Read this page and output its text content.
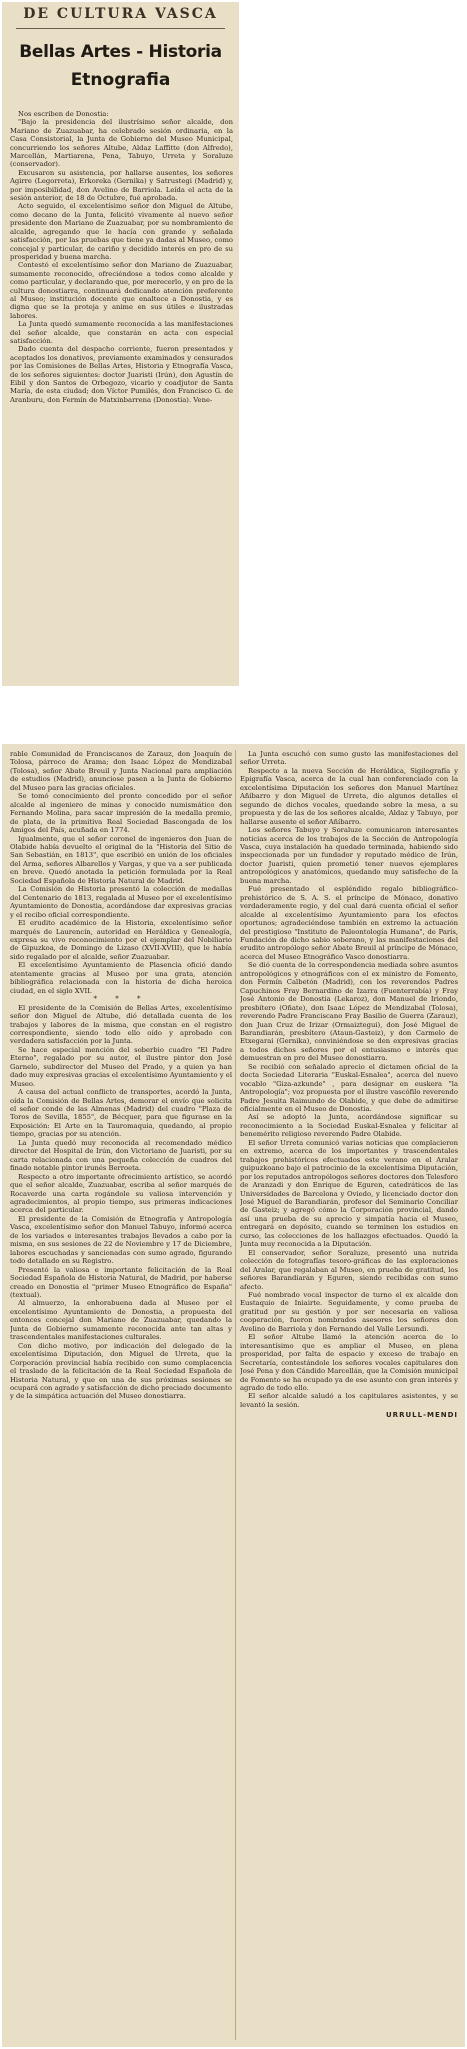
DE CULTURA VASCA
Bellas Artes - Historia
Etnografia

Nos escriben de Donostia:

"Bajo la presidencia del ilustrísimo señor alcalde, don Mariano de Zuazuabar, ha celebrado sesión ordinaria, en la Casa Consistorial, la Junta de Gobierno del Museo Municipal, concurriendo los señores Altube, Aldaz Laffitte (don Alfredo), Marcellán, Martiarena, Pena, Tabuyo, Urreta y Soraluze (conservador).

Excusaron su asistencia, por hallarse ausentes, los señores Agirre (Legorreta), Erkoreka (Gernika) y Satrustegi (Madrid) y, por imposibilidad, don Avelino de Barriola. Leída el acta de la sesión anterior, de 18 de Octubre, fué aprobada.

Acto seguido, el excelentísimo señor don Miguel de Altube, como decano de la Junta, felicitó vivamente al nuevo señor presidente don Mariano de Zuazuabar, por su nombramiento de alcalde, agregando que le hacía con grande y señalada satisfacción, por las pruebas que tiene ya dadas al Museo, como concejal y particular, de cariño y decidido interés en pro de su prosperidad y buena marcha.

Contestó el excelentísimo señor don Mariano de Zuazuabar, sumamente reconocido, ofreciéndose a todos como alcalde y como particular, y declarando que, por merecerlo, y en pro de la cultura donostiarra, continuará dedicando atención preferente al Museo; institución docente que enaltece a Donostia, y es digna que se la proteja y anime en sus útiles e ilustradas labores.

La Junta quedó sumamente reconocida a las manifestaciones del señor alcalde, que constarán en acta con especial satisfacción.

Dado cuenta del despacho corriente, fueron presentados y aceptados los donativos, previamente examinados y censurados por las Comisiones de Bellas Artes, Historia y Etnografía Vasca, de los señores siguientes: doctor Juaristi (Irún), don Agustín de Eibil y don Santos de Orbegozo, vicario y coadjutor de Santa María, de esta ciudad; don Víctor Pumilés, don Francisco G. de Aranburu, don Fermín de Matxinbarrena (Donostia). Vene-

rable Comunidad de Franciscanos de Zarauz, don Joaquín de Tolosa, párroco de Arama; don Isaac López de Mendizabal (Tolosa), señor Abate Breuil y Junta Nacional para ampliación de estudios (Madrid), anunciose pasen a la Junta de Gobierno del Museo para las gracias oficiales.

Se tomó conocimiento del pronto concedido por el señor alcalde al ingeniero de minas y conocido numismático don Fernando Molina, para sacar impresión de la medalla premio, de plata, de la primitiva Real Sociedad Bascongada de los Amigos del País, acuñada en 1774.

Igualmente, que el señor coronel de ingenieros don Juan de Olabide había devuelto el original de la "Historia del Sitio de San Sebastián, en 1813", que escribió en unión de los oficiales del Arma, señores Albarellos y Vargas, y que va a ser publicada en breve. Quedó anotada la petición formulada por la Real Sociedad Española de Historia Natural de Madrid.

La Comisión de Historia presentó la colección de medallas del Centenario de 1813, regalada al Museo por el excelentísimo Ayuntamiento de Donostia, acordándose dar expresivas gracias y el recibo oficial correspondiente.

El erudito académico de la Historia, excelentísimo señor marqués de Laurencín, autoridad en Heráldica y Genealogía, expresa su vivo reconocimiento por el ejemplar del Nobiliario de Gipuzkoa, de Domingo de Lizaso (XVII-XVIII), que le había sido regalado por el alcalde, señor Zuazuabar.

El excelentísimo Ayuntamiento de Plasencia ofició dando atentamente gracias al Museo por una grata, atención bibliográfica relacionada con la historia de dicha heroica ciudad, en el siglo XVII.

* * *

El presidente de la Comisión de Bellas Artes, excelentísimo señor don Miguel de Altube, dió detallada cuenta de los trabajos y labores de la misma, que constan en el registro correspondiente, siendo todo ello oído y aprobado con verdadera satisfacción por la Junta.

Se hace especial mención del soberbio cuadro "El Padre Eterno", regalado por su autor, el ilustre pintor don José Garnelo, subdirector del Museo del Prado, y a quien ya han dado muy expresivas gracias el excelentísimo Ayuntamiento y el Museo.

A causa del actual conflicto de transportes, acordó la Junta, oída la Comisión de Bellas Artes, demorar el envío que solicita el señor conde de las Almenas (Madrid) del cuadro "Plaza de Toros de Sevilla, 1855", de Bécquer, para que figurase en la Exposición: El Arte en la Tauromaquia, quedando, al propio tiempo, gracias por su atención.

La Junta quedó muy reconocida al recomendado médico director del Hospital de Irún, don Victoriano de Juaristi, por su carta relacionada con una pequeña colección de cuadros del finado notable pintor irunés Berroeta.

Respecto a otro importante ofrecimiento artístico, se acordó que el señor alcalde, Zuazuabar, escriba al señor marqués de Rocaverde una carta rogándole su valiosa intervención y agradecimientos, al propio tiempo, sus primeras indicaciones acerca del particular.

El presidente de la Comisión de Etnografía y Antropología Vasca, excelentísimo señor don Manuel Tabuyo, informó acerca de los variados e interesantes trabajos llevados a cabo por la misma, en sus sesiones de 22 de Noviembre y 17 de Diciembre, labores escuchadas y sancionadas con sumo agrado, figurando todo detallado en su Registro.

Presentó la valiosa e importante felicitación de la Real Sociedad Española de Historia Natural, de Madrid, por haberse creado en Donostia el "primer Museo Etnográfico de España" (textual).

Al almuerzo, la enhorabuena dada al Museo por el excelentísimo Ayuntamiento de Donostia, a propuesta del entonces concejal don Mariano de Zuazuabar, quedando la Junta de Gobierno sumamente reconocida ante tan altas y trascendentales manifestaciones culturales.

Con dicho motivo, por indicación del delegado de la excelentísima Diputación, don Miguel de Urreta, que la Corporación provincial había recibido con sumo complacencia el traslado de la felicitación de la Real Sociedad Española de Historia Natural, y que en una de sus próximas sesiones se ocupará con agrado y satisfacción de dicho preciado documento y de la simpática actuación del Museo donostiarra.

La Junta escuchó con sumo gusto las manifestaciones del señor Urreta.

Respecto a la nueva Sección de Heráldica, Sigilografía y Epigrafía Vasca, acerca de la cual han conferenciado con la excelentísima Diputación los señores don Manuel Martínez Añíbarro y don Miguel de Urreta, dio algunos detalles el segundo de dichos vocales, quedando sobre la mesa, a su propuesta y de las de los señores alcalde, Aldaz y Tabuyo, por hallarse ausente el señor Añíbarro.

Los señores Tabuyo y Soraluze comunicaron interesantes noticias acerca de los trabajos de la Sección de Antropología Vasca, cuya instalación ha quedado terminada, habiendo sido inspeccionada por un fundador y reputado médico de Irún, doctor Juaristi, quien prometió tener nuevos ejemplares antropológicos y anatómicos, quedando muy satisfecho de la buena marcha.

Fué presentado el espléndido regalo bibliográfico-prehistórico de S. A. S. el príncipe de Mónaco, donativo verdaderamente regio, y del cual dará cuenta oficial el señor alcalde al excelentísimo Ayuntamiento para los efectos oportunos; agradeciéndose también en extremo la actuación del prestigioso "Instituto de Paleontología Humana", de París, Fundación de dicho sabio soberano, y las manifestaciones del erudito antropólogo señor Abate Breuil al príncipe de Mónaco, acerca del Museo Etnográfico Vasco donostiarra.

Se dió cuenta de la correspondencia mediada sobre asuntos antropológicos y etnográficos con el ex ministro de Fomento, don Fermín Calbetón (Madrid), con los reverendos Padres Capuchinos Fray Bernardino de Izarra (Fuenterrabía) y Fray José Antonio de Donostia (Lekaroz), don Manuel de Iriondo, presbítero (Oñate), don Isaac López de Mendizabal (Tolosa), reverendo Padre Franciscano Fray Basilio de Guerra (Zarauz), don Juan Cruz de Irizar (Ormaiztegui), don José Miguel de Barandiarán, presbítero (Ataun-Gasteiz), y don Carmelo de Etxegarai (Gernika), conviniéndose se den expresivas gracias a todos dichos señores por el entusiasmo e interés que demuestran en pro del Museo donostiarra.

Se recibió con señalado aprecio el dictamen oficial de la docta Sociedad Literaria "Euskal-Esnalea", acerca del nuevo vocablo "Giza-azkunde" , para designar en euskera "la Antropología"; voz propuesta por el ilustre vascófilo reverendo Padre Jesuita Raimundo de Olabide, y que debe de admitirse oficialmente en el Museo de Donostia.

Así se adoptó la Junta, acordándose significar su reconocimiento a la Sociedad Euskal-Esnalea y felicitar al benemérito religioso reverendo Padre Olabide.

El señor Urreta comunicó varias noticias que complacieron en extremo, acerca de los importantes y trascendentales trabajos prehistóricos efectuados este verano en el Aralar guipuzkoano bajo el patrocinio de la excelentísima Diputación, por los reputados antropólogos señores doctores don Telesforo de Aranzadi y don Enrique de Eguren, catedráticos de las Universidades de Barcelona y Oviedo, y licenciado doctor don José Miguel de Barandiarán, profesor del Seminario Conciliar de Gasteiz; y agregó cómo la Corporación provincial, dando así una prueba de su aprecio y simpatía hacia el Museo, entregará en depósito, cuando se terminen los estudios en curso, las colecciones de los hallazgos efectuados. Quedó la Junta muy reconocida a la Diputación.

El conservador, señor Soraluze, presentó una nutrida colección de fotografías tesoro-gráficas de las exploraciones del Aralar, que regalaban al Museo, en prueba de gratitud, los señores Barandiarán y Eguren, siendo recibidas con sumo afecto.

Fué nombrado vocal inspector de turno el ex alcalde don Eustaquio de Iniairte. Seguidamente, y como prueba de gratitud por su gestión y por ser necesaria en valiosa cooperación, fueron nombrados asesores los señores don Avelino de Barriola y don Fernando del Valle Lersundi.

El señor Altube llamó la atención acerca de lo interesantísimo que es ampliar el Museo, en plena prosperidad, por falta de espacio y exceso de trabajo en Secretaría, contestándole los señores vocales capitulares don José Pena y don Cándido Marcellán, que la Comisión municipal de Fomento se ha ocupado ya de ese asunto con gran interés y agrado de todo ello.

El señor alcalde saludó a los capitulares asistentes, y se levantó la sesión.

URRULL-MENDI
